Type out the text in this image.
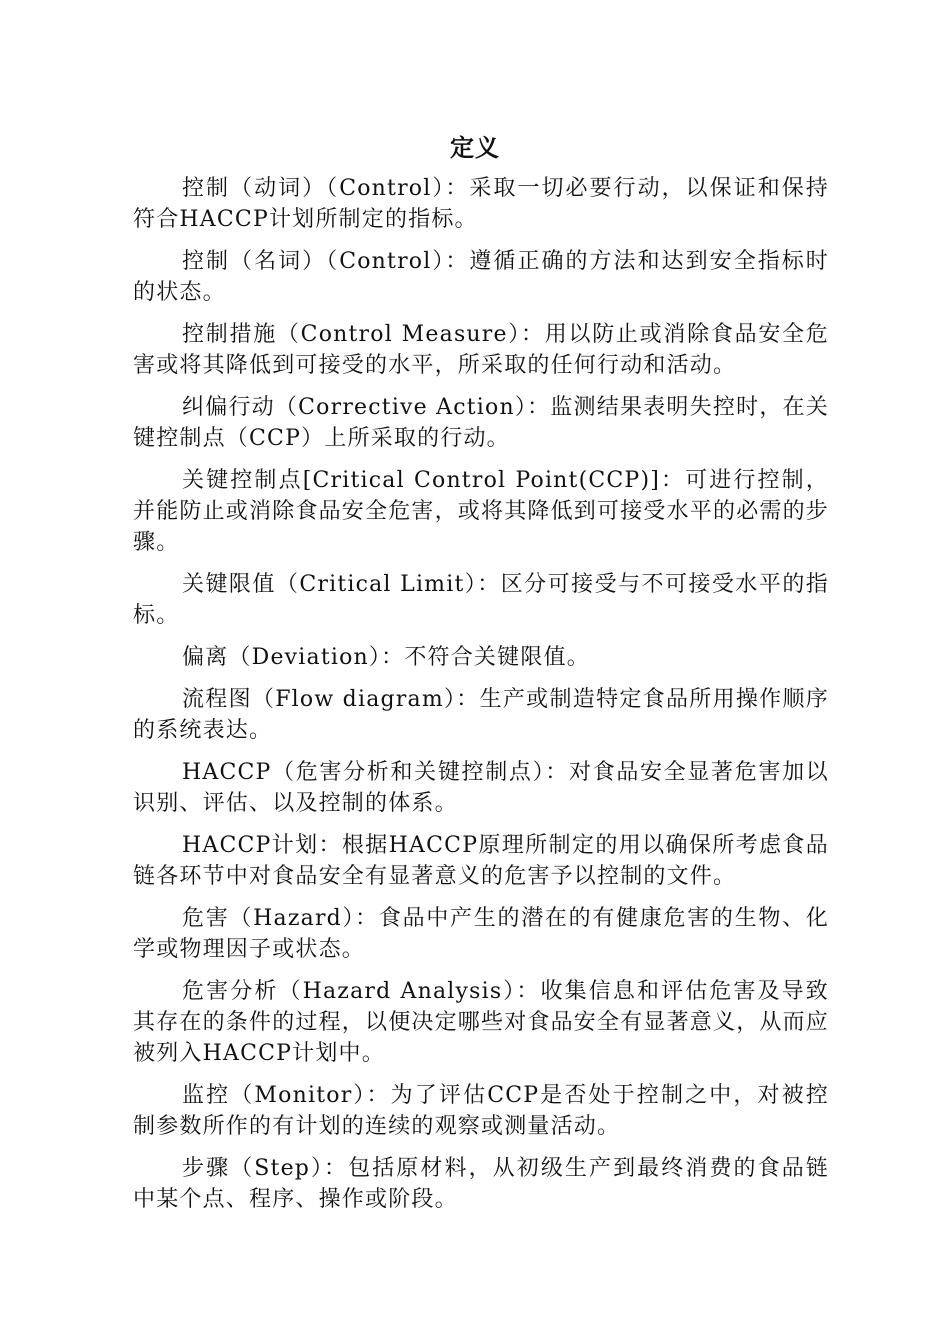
定义

控制（动词）（Control）：采取一切必要行动，以保证和保持符合HACCP计划所制定的指标。

控制（名词）（Control）：遵循正确的方法和达到安全指标时的状态。

控制措施（Control Measure）：用以防止或消除食品安全危害或将其降低到可接受的水平，所采取的任何行动和活动。

纠偏行动（Corrective Action）：监测结果表明失控时，在关键控制点（CCP）上所采取的行动。

关键控制点[Critical Control Point(CCP)]：可进行控制，并能防止或消除食品安全危害，或将其降低到可接受水平的必需的步骤。

关键限值（Critical Limit）：区分可接受与不可接受水平的指标。

偏离（Deviation）：不符合关键限值。

流程图（Flow diagram）：生产或制造特定食品所用操作顺序的系统表达。

HACCP（危害分析和关键控制点）：对食品安全显著危害加以识别、评估、以及控制的体系。

HACCP计划：根据HACCP原理所制定的用以确保所考虑食品链各环节中对食品安全有显著意义的危害予以控制的文件。

危害（Hazard）：食品中产生的潜在的有健康危害的生物、化学或物理因子或状态。

危害分析（Hazard Analysis）：收集信息和评估危害及导致其存在的条件的过程，以便决定哪些对食品安全有显著意义，从而应被列入HACCP计划中。

监控（Monitor）：为了评估CCP是否处于控制之中，对被控制参数所作的有计划的连续的观察或测量活动。

步骤（Step）：包括原材料，从初级生产到最终消费的食品链中某个点、程序、操作或阶段。
